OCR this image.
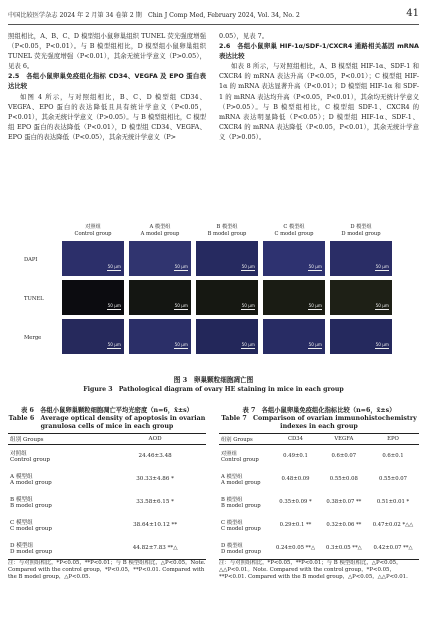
中国比较医学杂志 2024 年 2 月第 34 卷第 2 期　Chin J Comp Med, February 2024, Vol. 34, No. 2	41

照组相比，A、B、C、D 模型组小鼠卵巢组织 TUNEL 荧光强度增强（P<0.05，P<0.01）。与 B 模型组相比，D 模型组小鼠卵巢组织 TUNEL 荧光强度增强（P<0.01），其余无统计学意义（P>0.05），见表 6。

2.5　各组小鼠卵巢免疫组化指标 CD34、VEGFA 及 EPO 蛋白表达比较

如图 4 所示，与对照组相比，B、C、D 模型组 CD34、VEGFA、EPO 蛋白的表达降低且具有统计学意义（P<0.05，P<0.01），其余无统计学意义（P>0.05）。与 B 模型组相比，C 模型组 EPO 蛋白的表达降低（P<0.01），D 模型组 CD34、VEGFA、EPO 蛋白的表达降低（P<0.05），其余无统计学意义（P>

0.05），见表 7。

2.6　各组小鼠卵巢 HIF-1α/SDF-1/CXCR4 通路相关基因 mRNA 表达比较

如表 8 所示，与对照组相比，A、B 模型组 HIF-1α、SDF-1 和 CXCR4 的 mRNA 表达升高（P<0.05，P<0.01）；C 模型组 HIF-1α 的 mRNA 表达显著升高（P<0.01）；D 模型组 HIF-1α 和 SDF-1 的 mRNA 表达均升高（P<0.05，P<0.01），其余均无统计学意义（P>0.05）。与 B 模型组相比，C 模型组 SDF-1、CXCR4 的 mRNA 表达明显降低（P<0.05）；D 模型组 HIF-1α、SDF-1、CXCR4 的 mRNA 表达降低（P<0.05，P<0.01），其余无统计学意义（P>0.05）。

对照组
Control group
A 模型组
A model group
B 模型组
B model group
C 模型组
C model group
D 模型组
D model group
DAPI
TUNEL
Merge
50 μm	50 μm	50 μm	50 μm	50 μm
50 μm	50 μm	50 μm	50 μm	50 μm
50 μm	50 μm	50 μm	50 μm	50 μm
图 3　卵巢颗粒细胞凋亡图
Figure 3　Pathological diagram of ovary HE staining in mice in each group
表 6　各组小鼠卵巢颗粒细胞凋亡平均光密度（n=6，x̄±s）
Table 6　Average optical density of apoptosis in ovarian granulosa cells of mice in each group
组别 Groups	AOD

对照组
Control group	24.46±3.48

A 模型组
A model group	30.33±4.86 *

B 模型组
B model group	33.58±6.15 *

C 模型组
C model group	38.64±10.12 **

D 模型组
D model group	44.82±7.83 **△
注：与对照组相比，*P<0.05，**P<0.01；与 B 模型组相比，△P<0.05。Note. Compared with the control group，*P<0.05，**P<0.01. Compared with the B model group，△P<0.05.
表 7　各组小鼠卵巢免疫组化指标比较（n=6，x̄±s）
Table 7　Comparison of ovarian immunohistochemistry indexes in each group
组别 Groups	CD34	VEGFA	EPO

对照组
Control group	0.49±0.1	0.6±0.07	0.6±0.1

A 模型组
A model group	0.48±0.09	0.55±0.08	0.55±0.07

B 模型组
B model group	0.35±0.09 *	0.38±0.07 **	0.51±0.01 *

C 模型组
C model group	0.29±0.1 **	0.32±0.06 **	0.47±0.02 *△△

D 模型组
D model group	0.24±0.05 **△	0.3±0.05 **△	0.42±0.07 **△
注：与对照组相比，*P<0.05，**P<0.01；与 B 模型组相比，△P<0.05，△△P<0.01。Note. Compared with the control group，*P<0.05，**P<0.01. Compared with the B model group，△P<0.05，△△P<0.01.
